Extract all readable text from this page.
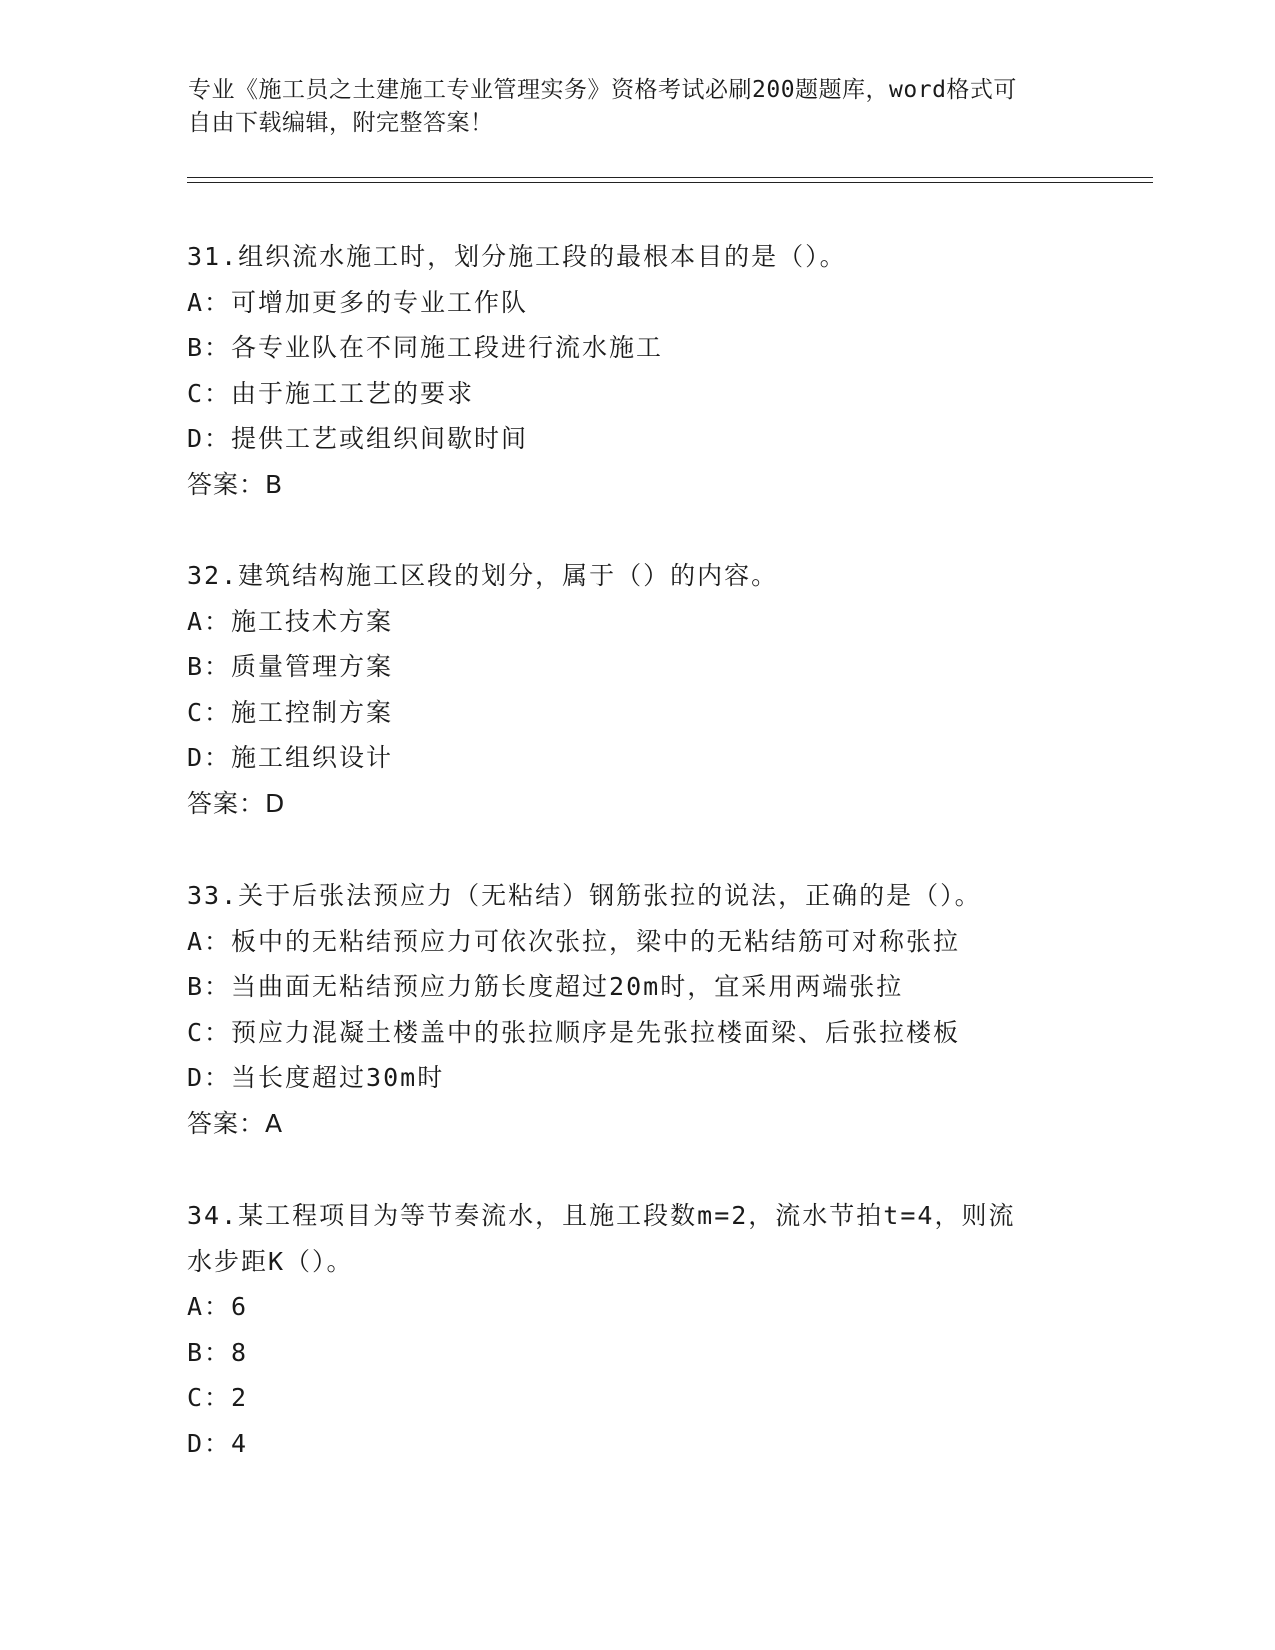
专业《施工员之土建施工专业管理实务》资格考试必刷200题题库，word格式可
自由下载编辑，附完整答案！
31.组织流水施工时，划分施工段的最根本目的是（）。
A：可增加更多的专业工作队
B：各专业队在不同施工段进行流水施工
C：由于施工工艺的要求
D：提供工艺或组织间歇时间
答案：B
32.建筑结构施工区段的划分，属于（）的内容。
A：施工技术方案
B：质量管理方案
C：施工控制方案
D：施工组织设计
答案：D
33.关于后张法预应力（无粘结）钢筋张拉的说法，正确的是（）。
A：板中的无粘结预应力可依次张拉，梁中的无粘结筋可对称张拉
B：当曲面无粘结预应力筋长度超过20m时，宜采用两端张拉
C：预应力混凝土楼盖中的张拉顺序是先张拉楼面梁、后张拉楼板
D：当长度超过30m时
答案：A
34.某工程项目为等节奏流水，且施工段数m=2，流水节拍t=4，则流
水步距K（）。
A：6
B：8
C：2
D：4
